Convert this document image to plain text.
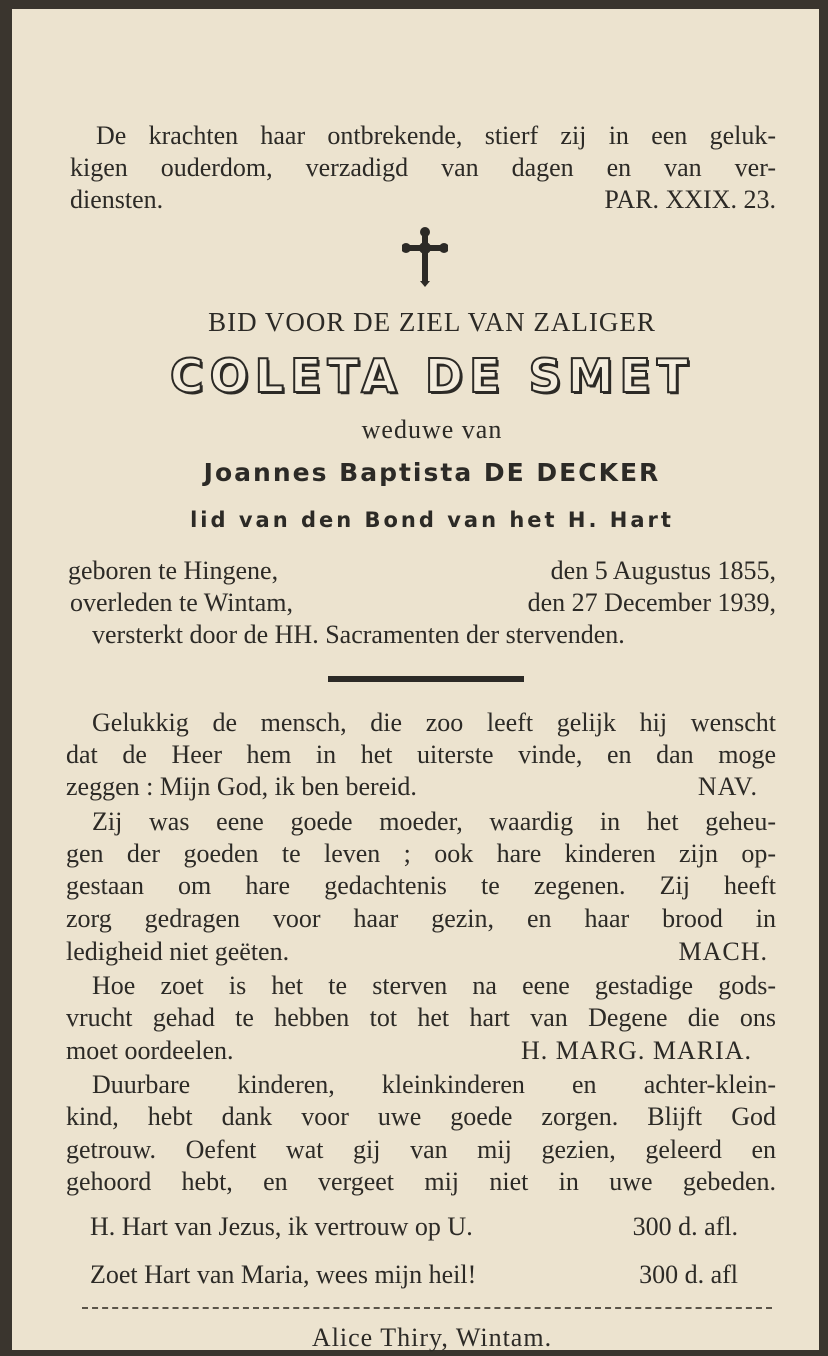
De krachten haar ontbrekende, stierf zij in een geluk-
kigen ouderdom, verzadigd van dagen en van ver-
diensten.	PAR. XXIX. 23.
BID VOOR DE ZIEL VAN ZALIGER
COLETA DE SMET
weduwe van
Joannes Baptista DE DECKER
lid van den Bond van het H. Hart
geboren te Hingene,	den 5 Augustus 1855,
overleden te Wintam,	den 27 December 1939,
versterkt door de HH. Sacramenten der stervenden.
Gelukkig de mensch, die zoo leeft gelijk hij wenscht
dat de Heer hem in het uiterste vinde, en dan moge
zeggen : Mijn God, ik ben bereid.	NAV.
Zij was eene goede moeder, waardig in het geheu-
gen der goeden te leven ; ook hare kinderen zijn op-
gestaan om hare gedachtenis te zegenen. Zij heeft
zorg gedragen voor haar gezin, en haar brood in
ledigheid niet geëten.	MACH.
Hoe zoet is het te sterven na eene gestadige gods-
vrucht gehad te hebben tot het hart van Degene die ons
moet oordeelen.	H. MARG. MARIA.
Duurbare kinderen, kleinkinderen en achter-klein-
kind, hebt dank voor uwe goede zorgen. Blijft God
getrouw. Oefent wat gij van mij gezien, geleerd en
gehoord hebt, en vergeet mij niet in uwe gebeden.
H. Hart van Jezus, ik vertrouw op U.	300 d. afl.
Zoet Hart van Maria, wees mijn heil!	300 d. afl
Alice Thiry, Wintam.
